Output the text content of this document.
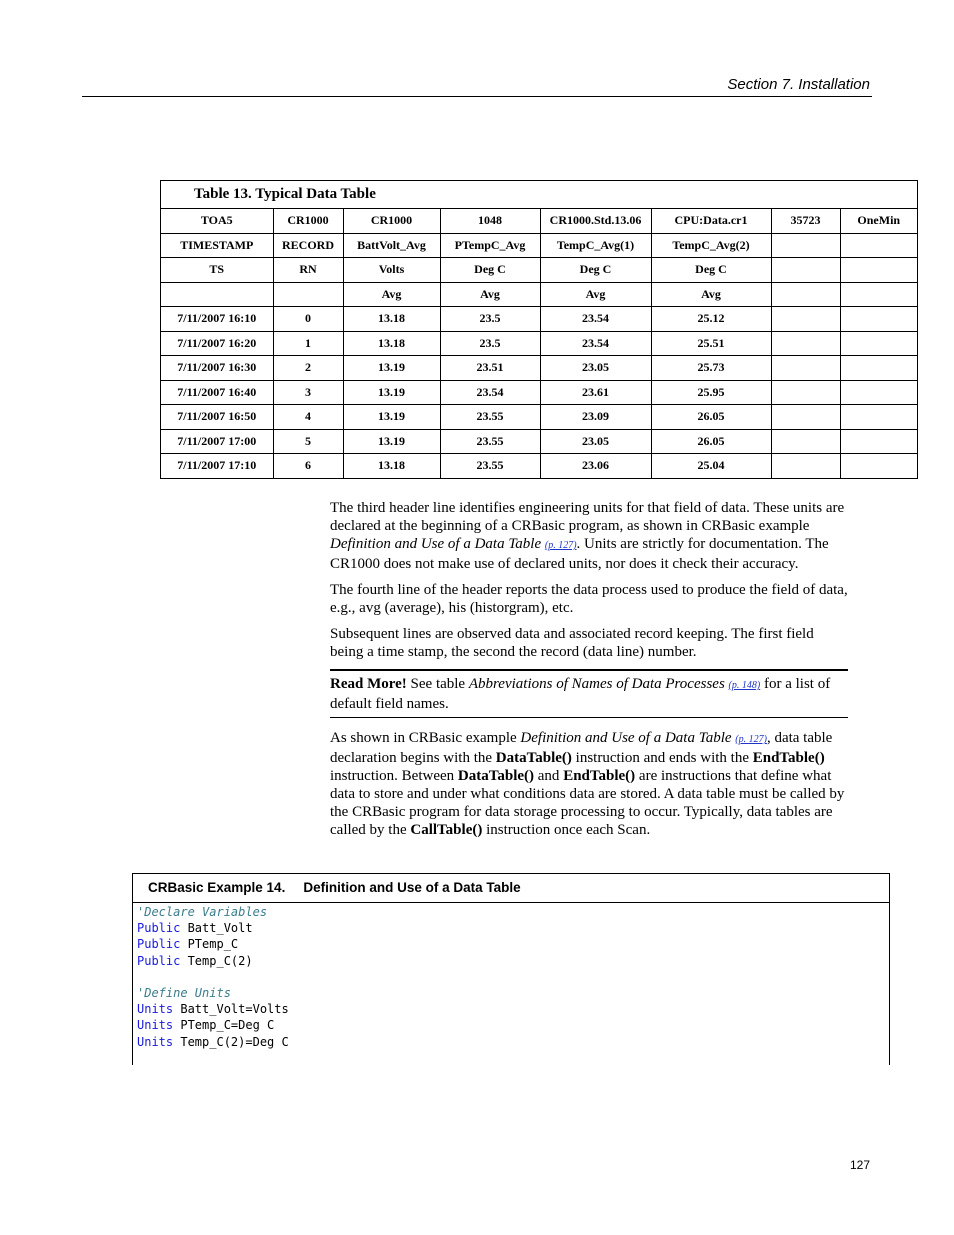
Section 7. Installation
Table 13. Typical Data Table
TOA5	CR1000	CR1000	1048	CR1000.Std.13.06	CPU:Data.cr1	35723	OneMin
TIMESTAMP	RECORD	BattVolt_Avg	PTempC_Avg	TempC_Avg(1)	TempC_Avg(2)		
TS	RN	Volts	Deg C	Deg C	Deg C		
		Avg	Avg	Avg	Avg		
7/11/2007 16:10	0	13.18	23.5	23.54	25.12		
7/11/2007 16:20	1	13.18	23.5	23.54	25.51		
7/11/2007 16:30	2	13.19	23.51	23.05	25.73		
7/11/2007 16:40	3	13.19	23.54	23.61	25.95		
7/11/2007 16:50	4	13.19	23.55	23.09	26.05		
7/11/2007 17:00	5	13.19	23.55	23.05	26.05		
7/11/2007 17:10	6	13.18	23.55	23.06	25.04		

The third header line identifies engineering units for that field of data. These units are declared at the beginning of a CRBasic program, as shown in CRBasic example Definition and Use of a Data Table (p. 127). Units are strictly for documentation. The CR1000 does not make use of declared units, nor does it check their accuracy.

The fourth line of the header reports the data process used to produce the field of data, e.g., avg (average), his (historgram), etc.

Subsequent lines are observed data and associated record keeping. The first field being a time stamp, the second the record (data line) number.

Read More! See table Abbreviations of Names of Data Processes (p. 148) for a list of default field names.

As shown in CRBasic example Definition and Use of a Data Table (p. 127), data table declaration begins with the DataTable() instruction and ends with the EndTable() instruction. Between DataTable() and EndTable() are instructions that define what data to store and under what conditions data are stored. A data table must be called by the CRBasic program for data storage processing to occur. Typically, data tables are called by the CallTable() instruction once each Scan.

CRBasic Example 14. Definition and Use of a Data Table
'Declare Variables
Public Batt_Volt
Public PTemp_C
Public Temp_C(2)
'Define Units
Units Batt_Volt=Volts
Units PTemp_C=Deg C
Units Temp_C(2)=Deg C
127
